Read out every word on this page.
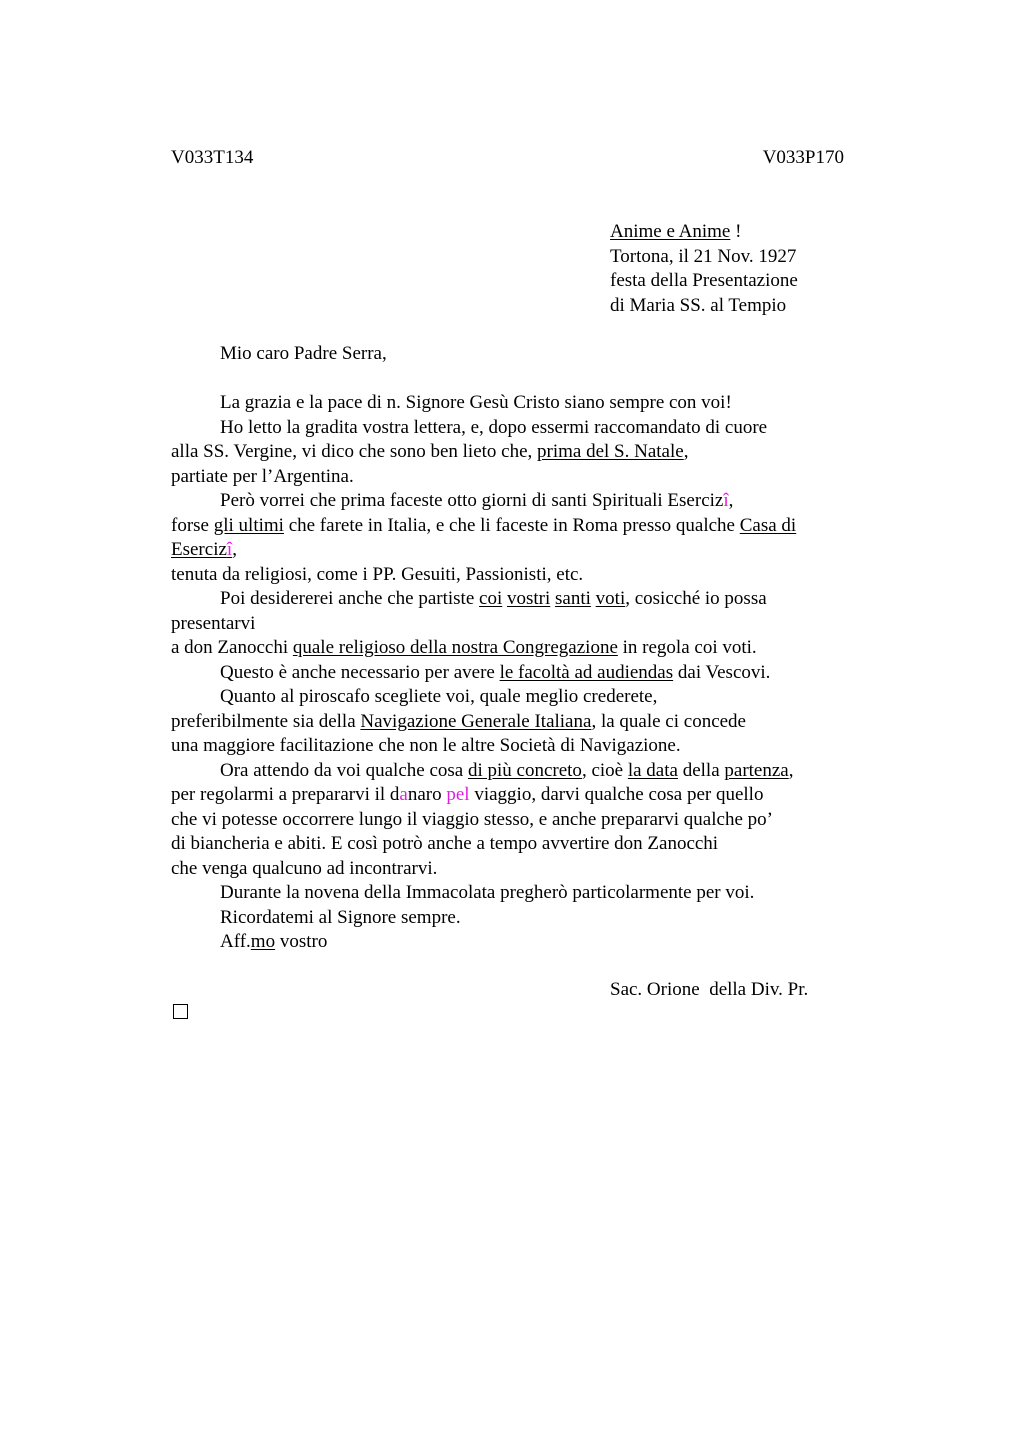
V033T134	V033P170
Anime e Anime !
Tortona, il 21 Nov. 1927
festa della Presentazione
di Maria SS. al Tempio
Mio caro Padre Serra,
La grazia e la pace di n. Signore Gesù Cristo siano sempre con voi!
Ho letto la gradita vostra lettera, e, dopo essermi raccomandato di cuore
alla SS. Vergine, vi dico che sono ben lieto che, prima del S. Natale,
partiate per l’Argentina.
Però vorrei che prima faceste otto giorni di santi Spirituali Esercizî,
forse gli ultimi che farete in Italia, e che li faceste in Roma presso qualche Casa di
Esercizî,
tenuta da religiosi, come i PP. Gesuiti, Passionisti, etc.
Poi desidererei anche che partiste coi vostri santi voti, cosicché io possa
presentarvi
a don Zanocchi quale religioso della nostra Congregazione in regola coi voti.
Questo è anche necessario per avere le facoltà ad audiendas dai Vescovi.
Quanto al piroscafo scegliete voi, quale meglio crederete,
preferibilmente sia della Navigazione Generale Italiana, la quale ci concede
una maggiore facilitazione che non le altre Società di Navigazione.
Ora attendo da voi qualche cosa di più concreto, cioè la data della partenza,
per regolarmi a prepararvi il danaro pel viaggio, darvi qualche cosa per quello
che vi potesse occorrere lungo il viaggio stesso, e anche prepararvi qualche po’
di biancheria e abiti. E così potrò anche a tempo avvertire don Zanocchi
che venga qualcuno ad incontrarvi.
Durante la novena della Immacolata pregherò particolarmente per voi.
Ricordatemi al Signore sempre.
Aff.mo vostro
Sac. Orione  della Div. Pr.
